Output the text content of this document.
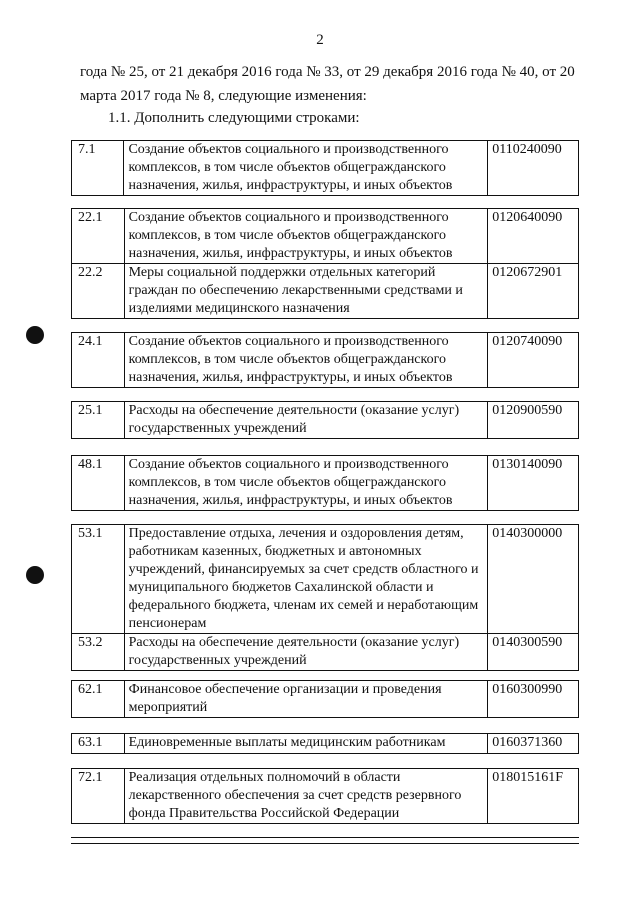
2
года № 25, от 21 декабря 2016 года № 33, от 29 декабря 2016 года № 40, от 20
марта 2017 года № 8, следующие изменения:
1.1. Дополнить следующими строками:
7.1	Создание объектов социального и производственного комплексов, в том числе объектов общегражданского назначения, жилья, инфраструктуры, и иных объектов	0110240090
22.1	Создание объектов социального и производственного комплексов, в том числе объектов общегражданского назначения, жилья, инфраструктуры, и иных объектов	0120640090
22.2	Меры социальной поддержки отдельных категорий граждан по обеспечению лекарственными средствами и изделиями медицинского назначения	0120672901
24.1	Создание объектов социального и производственного комплексов, в том числе объектов общегражданского назначения, жилья, инфраструктуры, и иных объектов	0120740090
25.1	Расходы на обеспечение деятельности (оказание услуг) государственных учреждений	0120900590
48.1	Создание объектов социального и производственного комплексов, в том числе объектов общегражданского назначения, жилья, инфраструктуры, и иных объектов	0130140090
53.1	Предоставление отдыха, лечения и оздоровления детям, работникам казенных, бюджетных и автономных учреждений, финансируемых за счет средств областного и муниципального бюджетов Сахалинской области и федерального бюджета, членам их семей и неработающим пенсионерам	0140300000
53.2	Расходы на обеспечение деятельности (оказание услуг) государственных учреждений	0140300590
62.1	Финансовое обеспечение организации и проведения мероприятий	0160300990
63.1	Единовременные выплаты медицинским работникам	0160371360
72.1	Реализация отдельных полномочий в области лекарственного обеспечения за счет средств резервного фонда Правительства Российской Федерации	018015161F
